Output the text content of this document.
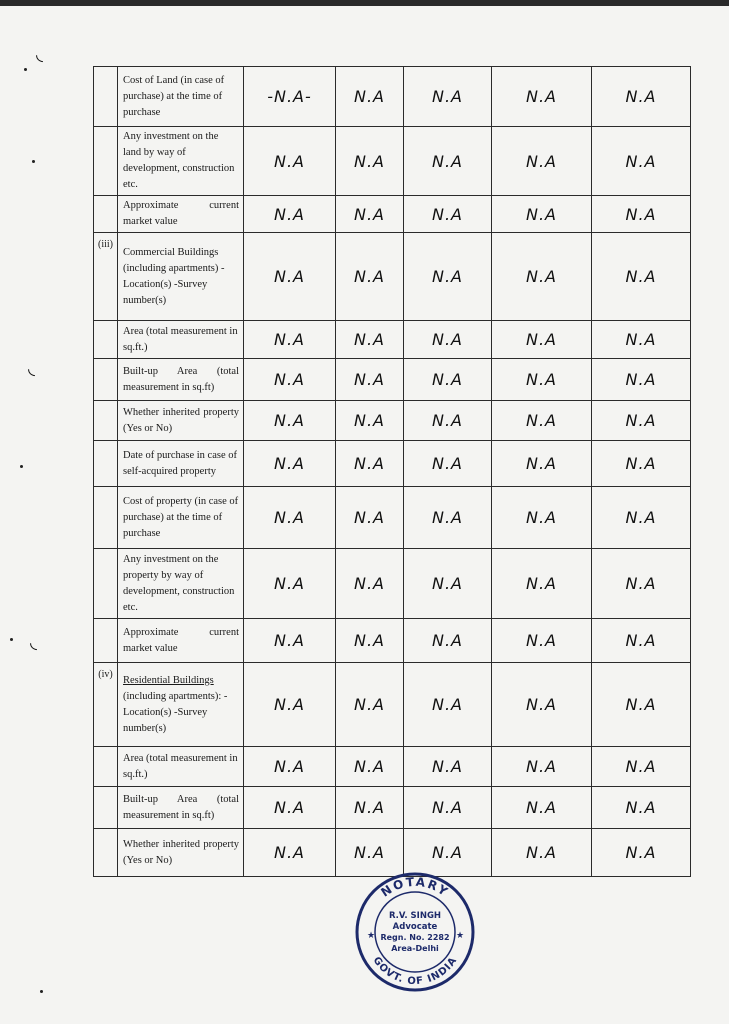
◟
◟
◟
	Cost of Land (in case of purchase) at the time of purchase	-N.A-	N.A	N.A	N.A	N.A
	Any investment on the land by way of development, construction etc.	N.A	N.A	N.A	N.A	N.A
	Approximate current market value	N.A	N.A	N.A	N.A	N.A
(iii)	Commercial Buildings (including apartments) -Location(s) -Survey number(s)	N.A	N.A	N.A	N.A	N.A
	Area (total measurement in sq.ft.)	N.A	N.A	N.A	N.A	N.A
	Built-up Area (total measurement in sq.ft)	N.A	N.A	N.A	N.A	N.A
	Whether inherited property (Yes or No)	N.A	N.A	N.A	N.A	N.A
	Date of purchase in case of self-acquired property	N.A	N.A	N.A	N.A	N.A
	Cost of property (in case of purchase) at the time of purchase	N.A	N.A	N.A	N.A	N.A
	Any investment on the property by way of development, construction etc.	N.A	N.A	N.A	N.A	N.A
	Approximate current market value	N.A	N.A	N.A	N.A	N.A
(iv)	Residential Buildings (including apartments): -Location(s) -Survey number(s)	N.A	N.A	N.A	N.A	N.A
	Area (total measurement in sq.ft.)	N.A	N.A	N.A	N.A	N.A
	Built-up Area (total measurement in sq.ft)	N.A	N.A	N.A	N.A	N.A
	Whether inherited property (Yes or No)	N.A	N.A	N.A	N.A	N.A
NOTARY
GOVT. OF INDIA
R.V. SINGH
Advocate
Regn. No. 2282
Area-Delhi
★	★
